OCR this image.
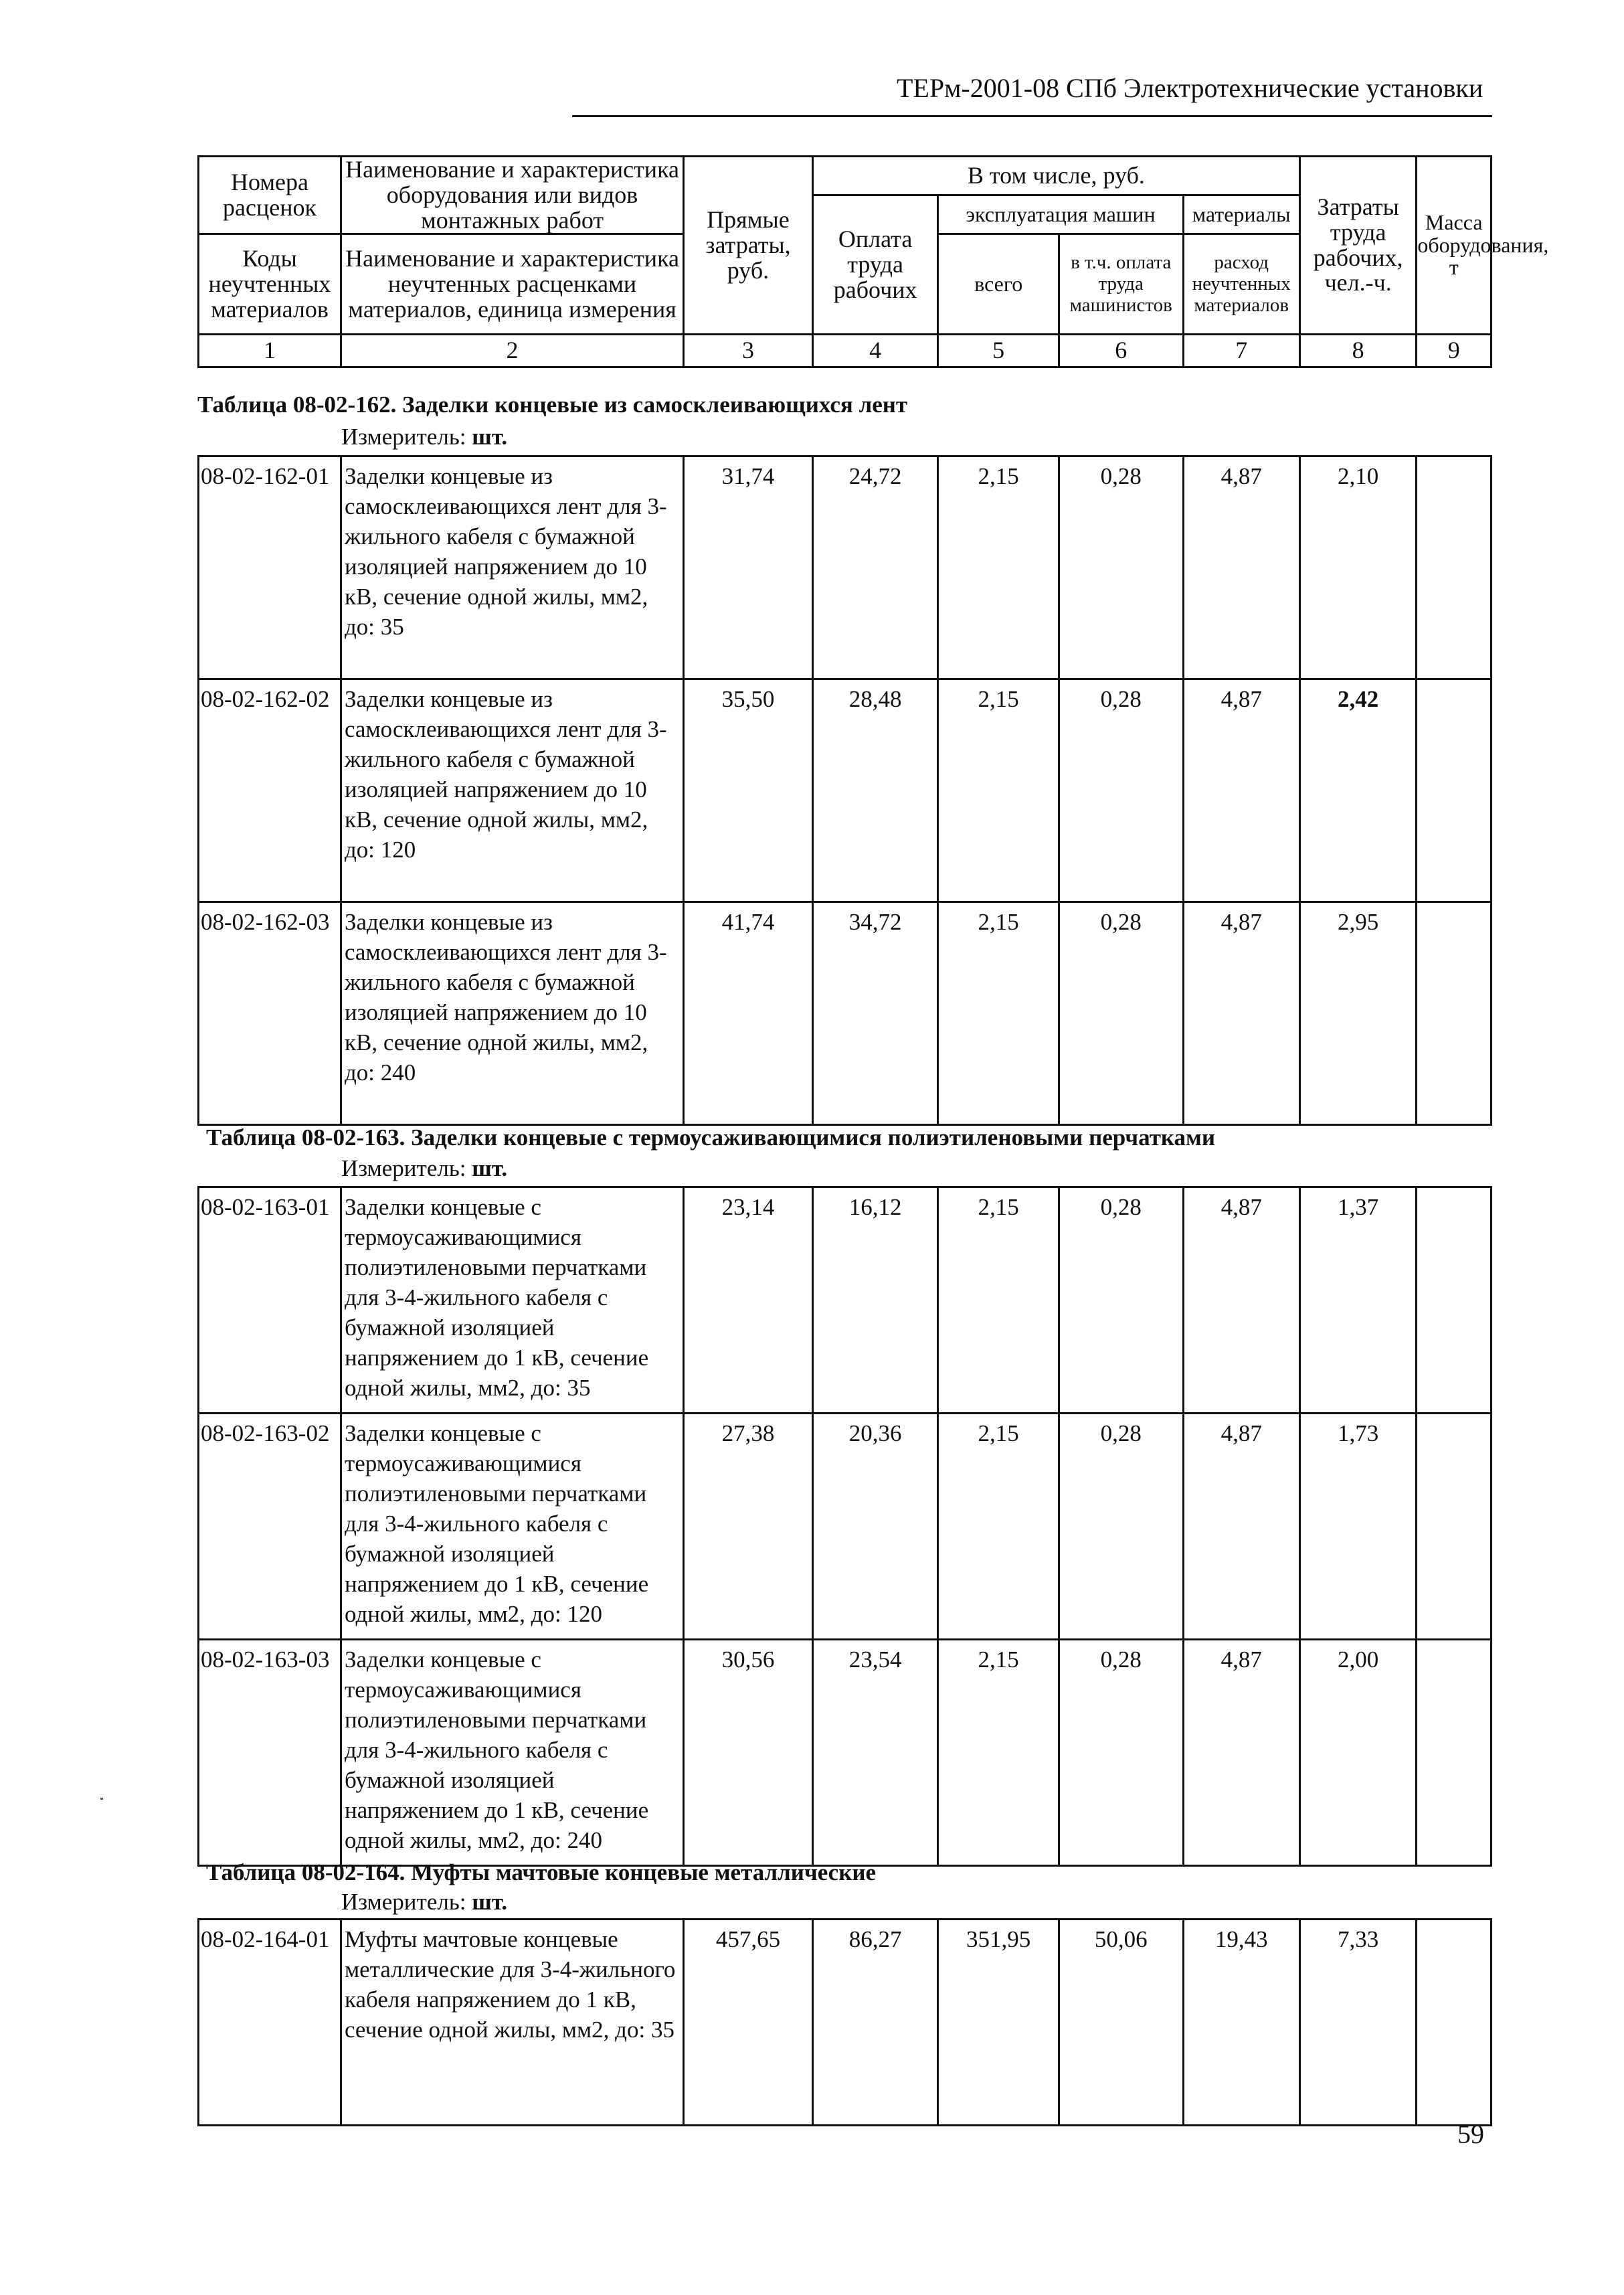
ТЕРм-2001-08 СПб Электротехнические установки
Номера расценок	Наименование и характеристика оборудования или видов монтажных работ	Прямые затраты, руб.	В том числе, руб.				Затраты труда рабочих, чел.-ч.	Масса оборудования, т
			Оплата труда рабочих	эксплуатация машин		материалы		
Коды неучтенных материалов	Наименование и характеристика неучтенных расценками материалов, единица измерения			всего	в т.ч. оплата труда машинистов	расход неучтенных материалов		

1	2	3	4	5	6	7	8	9
Таблица 08-02-162. Заделки концевые из самосклеивающихся лент
Измеритель: шт.
08-02-162-01	Заделки концевые из самосклеивающихся лент для 3-жильного кабеля с бумажной изоляцией напряжением до 10 кВ, сечение одной жилы, мм2, до: 35	31,74	24,72	2,15	0,28	4,87	2,10	
08-02-162-02	Заделки концевые из самосклеивающихся лент для 3-жильного кабеля с бумажной изоляцией напряжением до 10 кВ, сечение одной жилы, мм2, до: 120	35,50	28,48	2,15	0,28	4,87	2,42	
08-02-162-03	Заделки концевые из самосклеивающихся лент для 3-жильного кабеля с бумажной изоляцией напряжением до 10 кВ, сечение одной жилы, мм2, до: 240	41,74	34,72	2,15	0,28	4,87	2,95	
Таблица 08-02-163. Заделки концевые с термоусаживающимися полиэтиленовыми перчатками
Измеритель: шт.
08-02-163-01	Заделки концевые с термоусаживающимися полиэтиленовыми перчатками для 3-4-жильного кабеля с бумажной изоляцией напряжением до 1 кВ, сечение одной жилы, мм2, до: 35	23,14	16,12	2,15	0,28	4,87	1,37	
08-02-163-02	Заделки концевые с термоусаживающимися полиэтиленовыми перчатками для 3-4-жильного кабеля с бумажной изоляцией напряжением до 1 кВ, сечение одной жилы, мм2, до: 120	27,38	20,36	2,15	0,28	4,87	1,73	
08-02-163-03	Заделки концевые с термоусаживающимися полиэтиленовыми перчатками для 3-4-жильного кабеля с бумажной изоляцией напряжением до 1 кВ, сечение одной жилы, мм2, до: 240	30,56	23,54	2,15	0,28	4,87	2,00	
Таблица 08-02-164. Муфты мачтовые концевые металлические
Измеритель: шт.
08-02-164-01	Муфты мачтовые концевые металлические для 3-4-жильного кабеля напряжением до 1 кВ, сечение одной жилы, мм2, до: 35	457,65	86,27	351,95	50,06	19,43	7,33	
59
